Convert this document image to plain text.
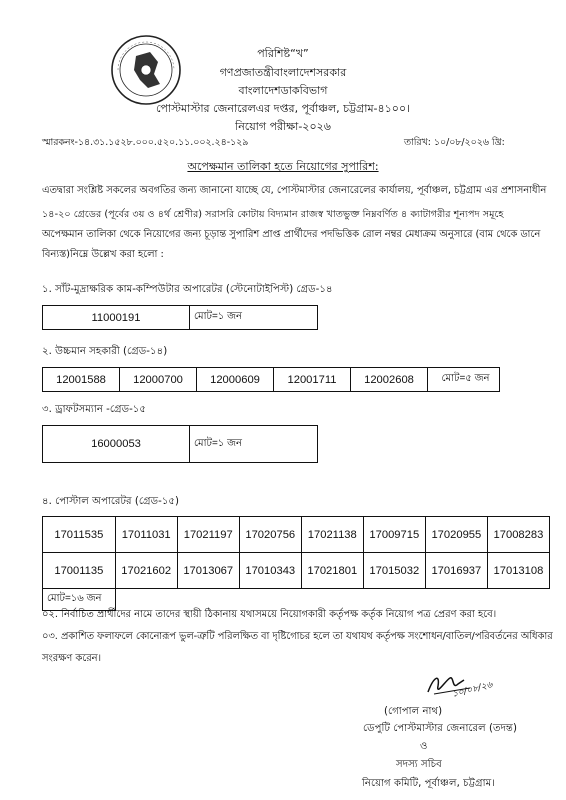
পরিশিষ্ট“খ”
গণপ্রজাতন্ত্রীবাংলাদেশসরকার
বাংলাদেশডাকবিভাগ
পোস্টমাস্টার জেনারেলএর দপ্তর, পূর্বাঞ্চল, চট্টগ্রাম-৪১০০।
নিয়োগ পরীক্ষা-২০২৬
স্মারকনং-১৪.৩১.১৫২৮.০০০.৫২০.১১.০০২.২৪-১২৯	তারিখ: ১০/০৮/২০২৬ খ্রি:
অপেক্ষমান তালিকা হতে নিয়োগের সুপারিশ:
এতদ্বারা সংশ্লিষ্ট সকলের অবগতির জন্য জানানো যাচ্ছে যে, পোস্টমাস্টার জেনারেলের কার্যালয়, পূর্বাঞ্চল, চট্টগ্রাম এর প্রশাসনাধীন
১৪-২০ গ্রেডের (পূর্বের ৩য় ও ৪র্থ শ্রেণীর) সরাসরি কোটায় বিদ্যমান রাজস্ব খাতভুক্ত নিম্নবর্ণিত ৪ ক্যাটাগরীর শূন্যপদ সমূহে
অপেক্ষমান তালিকা থেকে নিয়োগের জন্য চূড়ান্ত সুপারিশ প্রাপ্ত প্রার্থীদের পদভিত্তিক রোল নম্বর মেধাক্রম অনুসারে (বাম থেকে ডানে
বিন্যস্ত)নিম্নে উল্লেখ করা হলো :
১. সাঁট-মুদ্রাক্ষরিক কাম-কম্পিউটার অপারেটর (স্টেনোটাইপিস্ট) গ্রেড-১৪
11000191	মোট=১ জন
২. উচ্চমান সহকারী (গ্রেড-১৪)
12001588	12000700	12000609	12001711	12002608	মোট=৫ জন
৩. ড্রাফটসম্যান -গ্রেড-১৫
16000053	মোট=১ জন
৪. পোস্টাল অপারেটর (গ্রেড-১৫)
17011535	17011031	17021197	17020756	17021138	17009715	17020955	17008283
17001135	17021602	17013067	17010343	17021801	17015032	17016937	17013108
মোট=১৬ জন							
০২. নির্বাচিত প্রার্থীদের নামে তাদের স্থায়ী ঠিকানায় যথাসময়ে নিয়োগকারী কর্তৃপক্ষ কর্তৃক নিয়োগ পত্র প্রেরণ করা হবে।
০৩. প্রকাশিত ফলাফলে কোনোরূপ ভুল-ত্রুটি পরিলক্ষিত বা দৃষ্টিগোচর হলে তা যথাযথ কর্তৃপক্ষ সংশোধন/বাতিল/পরিবর্তনের অধিকার
সংরক্ষণ করেন।
১০/০৮/২৬
(গোপাল নাথ)
ডেপুটি পোস্টমাস্টার জেনারেল (তদন্ত)
ও
সদস্য সচিব
নিয়োগ কমিটি, পূর্বাঞ্চল, চট্টগ্রাম।
